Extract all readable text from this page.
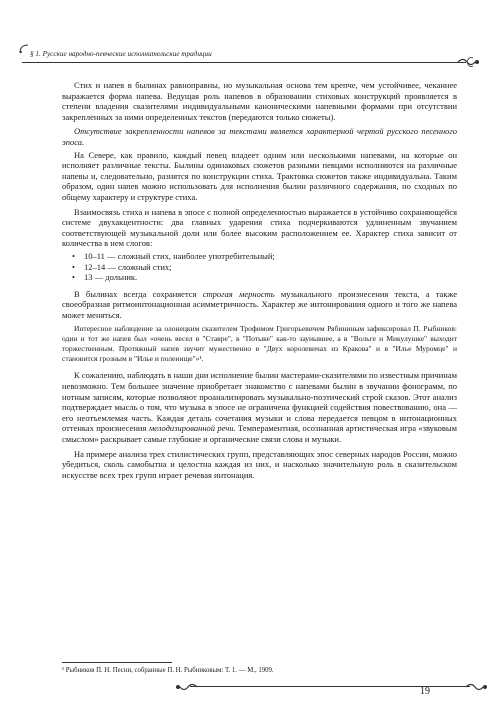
§ 1. Русские народно-певческие исполнительские традиции

Стих и напев в былинах равноправны, но музыкальная основа тем крепче, чем устойчивее, чеканнее выражается форма напева. Ведущая роль напевов в образовании стиховых конструкций проявляется в степени владения сказителями индивидуальными каноническими напевными формами при отсутствии закрепленных за ними определенных текстов (передаются только сюжеты).

Отсутствие закрепленности напевов за текстами является характерной чертой русского песенного эпоса.

На Севере, как правило, каждый певец владеет одним или несколькими напевами, на которые он исполняет различные тексты. Былины одинаковых сюжетов разными певцами исполняются на различные напевы и, следовательно, разнятся по конструкции стиха. Трактовка сюжетов также индивидуальна. Таким образом, один напев можно использовать для исполнения былин различного содержания, но сходных по общему характеру и структуре стиха.

Взаимосвязь стиха и напева в эпосе с полной определенностью выражается в устойчиво сохраняющейся системе двухакцентности: два главных ударения стиха подчеркиваются удлиненным звучанием соответствующей музыкальной доли или более высоким расположением ее. Характер стиха зависит от количества в нем слогов:

• 10–11 — сложный стих, наиболее употребительный;
• 12–14 — сложный стих;
• 13 — дольник.

В былинах всегда сохраняется строгая мерность музыкального произнесения текста, а также своеобразная ритмоинтонационная асимметричность. Характер же интонирования одного и того же напева может меняться.

Интересное наблюдение за олонецким сказителем Трофимом Григорьевичем Рябининым зафиксировал П. Рыбников: один и тот же напев был «очень весел в "Ставре", в "Потыке" как-то заунывнее, а в "Вольге и Микулушке" выходит торжественным. Протяжный напев звучит мужественно в "Двух королевичах из Кракова" и в "Илье Муромце" и становится грозным в "Илье и поленище"»¹.

К сожалению, наблюдать в наши дни исполнение былин мастерами-сказителями по известным причинам невозможно. Тем большее значение приобретает знакомство с напевами былин в звучании фонограмм, по нотным записям, которые позволяют проанализировать музыкально-поэтический строй сказов. Этот анализ подтверждает мысль о том, что музыка в эпосе не ограничена функцией содействия повествованию, она — его неотъемлемая часть. Каждая деталь сочетания музыки и слова передается певцом в интонационных оттенках произнесения мелодизированной речи. Темпераментная, осознанная артистическая игра «звуковым смыслом» раскрывает самые глубокие и органические связи слова и музыки.

На примере анализа трех стилистических групп, представляющих эпос северных народов России, можно убедиться, сколь самобытна и целостна каждая из них, и насколько значительную роль в сказительском искусстве всех трех групп играет речевая интонация.

¹ Рыбников П. Н. Песни, собранные П. Н. Рыбниковым: Т. 1. — М., 1909.
19
